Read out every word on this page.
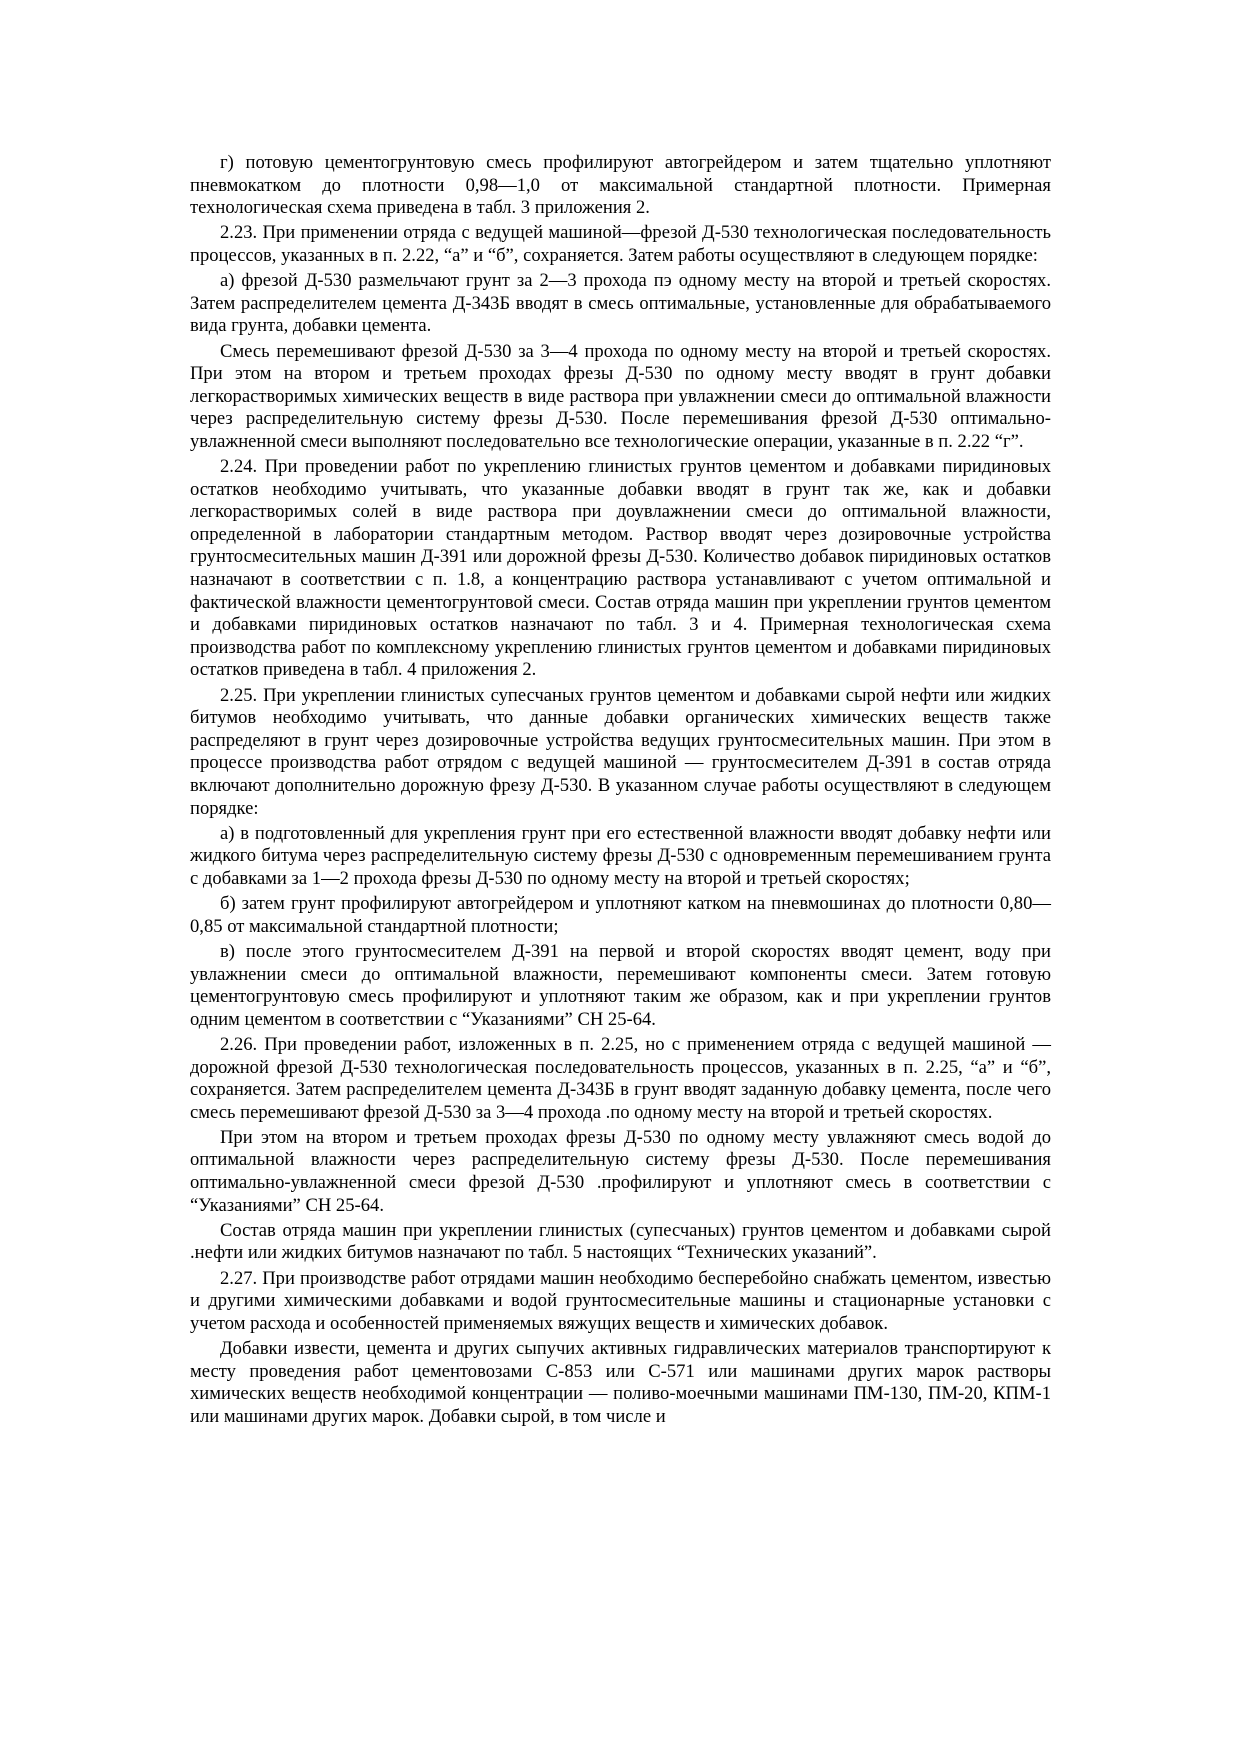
г) потовую цементогрунтовую смесь профилируют автогрейдером и затем тщательно уплотняют пневмокатком до плотности 0,98—1,0 от максимальной стандартной плотности. Примерная технологическая схема приведена в табл. 3 приложения 2.

2.23. При применении отряда с ведущей машиной—фрезой Д-530 технологическая последовательность процессов, указанных в п. 2.22, “а” и “б”, сохраняется. Затем работы осуществляют в следующем порядке:

а) фрезой Д-530 размельчают грунт за 2—3 прохода пэ одному месту на второй и третьей скоростях. Затем распределителем цемента Д-343Б вводят в смесь оптимальные, установленные для обрабатываемого вида грунта, добавки цемента.

Смесь перемешивают фрезой Д-530 за 3—4 прохода по одному месту на второй и третьей скоростях. При этом на втором и третьем проходах фрезы Д-530 по одному месту вводят в грунт добавки легкорастворимых химических веществ в виде раствора при увлажнении смеси до оптимальной влажности через распределительную систему фрезы Д-530. После перемешивания фрезой Д-530 оптимально-увлажненной смеси выполняют последовательно все технологические операции, указанные в п. 2.22 “г”.

2.24. При проведении работ по укреплению глинистых грунтов цементом и добавками пиридиновых остатков необходимо учитывать, что указанные добавки вводят в грунт так же, как и добавки легкорастворимых солей в виде раствора при доувлажнении смеси до оптимальной влажности, определенной в лаборатории стандартным методом. Раствор вводят через дозировочные устройства грунтосмесительных машин Д-391 или дорожной фрезы Д-530. Количество добавок пиридиновых остатков назначают в соответствии с п. 1.8, а концентрацию раствора устанавливают с учетом оптимальной и фактической влажности цементогрунтовой смеси. Состав отряда машин при укреплении грунтов цементом и добавками пиридиновых остатков назначают по табл. 3 и 4. Примерная технологическая схема производства работ по комплексному укреплению глинистых грунтов цементом и добавками пиридиновых остатков приведена в табл. 4 приложения 2.

2.25. При укреплении глинистых супесчаных грунтов цементом и добавками сырой нефти или жидких битумов необходимо учитывать, что данные добавки органических химических веществ также распределяют в грунт через дозировочные устройства ведущих грунтосмесительных машин. При этом в процессе производства работ отрядом с ведущей машиной — грунтосмесителем Д-391 в состав отряда включают дополнительно дорожную фрезу Д-530. В указанном случае работы осуществляют в следующем порядке:

а) в подготовленный для укрепления грунт при его естественной влажности вводят добавку нефти или жидкого битума через распределительную систему фрезы Д-530 с одновременным перемешиванием грунта с добавками за 1—2 прохода фрезы Д-530 по одному месту на второй и третьей скоростях;

б) затем грунт профилируют автогрейдером и уплотняют катком на пневмошинах до плотности 0,80—0,85 от максимальной стандартной плотности;

в) после этого грунтосмесителем Д-391 на первой и второй скоростях вводят цемент, воду при увлажнении смеси до оптимальной влажности, перемешивают компоненты смеси. Затем готовую цементогрунтовую смесь профилируют и уплотняют таким же образом, как и при укреплении грунтов одним цементом в соответствии с “Указаниями” СН 25-64.

2.26. При проведении работ, изложенных в п. 2.25, но с применением отряда с ведущей машиной — дорожной фрезой Д-530 технологическая последовательность процессов, указанных в п. 2.25, “а” и “б”, сохраняется. Затем распределителем цемента Д-343Б в грунт вводят заданную добавку цемента, после чего смесь перемешивают фрезой Д-530 за 3—4 прохода .по одному месту на второй и третьей скоростях.

При этом на втором и третьем проходах фрезы Д-530 по одному месту увлажняют смесь водой до оптимальной влажности через распределительную систему фрезы Д-530. После перемешивания оптимально-увлажненной смеси фрезой Д-530 .профилируют и уплотняют смесь в соответствии с “Указаниями” СН 25-64.

Состав отряда машин при укреплении глинистых (супесчаных) грунтов цементом и добавками сырой .нефти или жидких битумов назначают по табл. 5 настоящих “Технических указаний”.

2.27. При производстве работ отрядами машин необходимо бесперебойно снабжать цементом, известью и другими химическими добавками и водой грунтосмесительные машины и стационарные установки с учетом расхода и особенностей применяемых вяжущих веществ и химических добавок.

Добавки извести, цемента и других сыпучих активных гидравлических материалов транспортируют к месту проведения работ цементовозами С-853 или С-571 или машинами других марок растворы химических веществ необходимой концентрации — поливо-моечными машинами ПМ-130, ПМ-20, КПМ-1 или машинами других марок. Добавки сырой, в том числе и
